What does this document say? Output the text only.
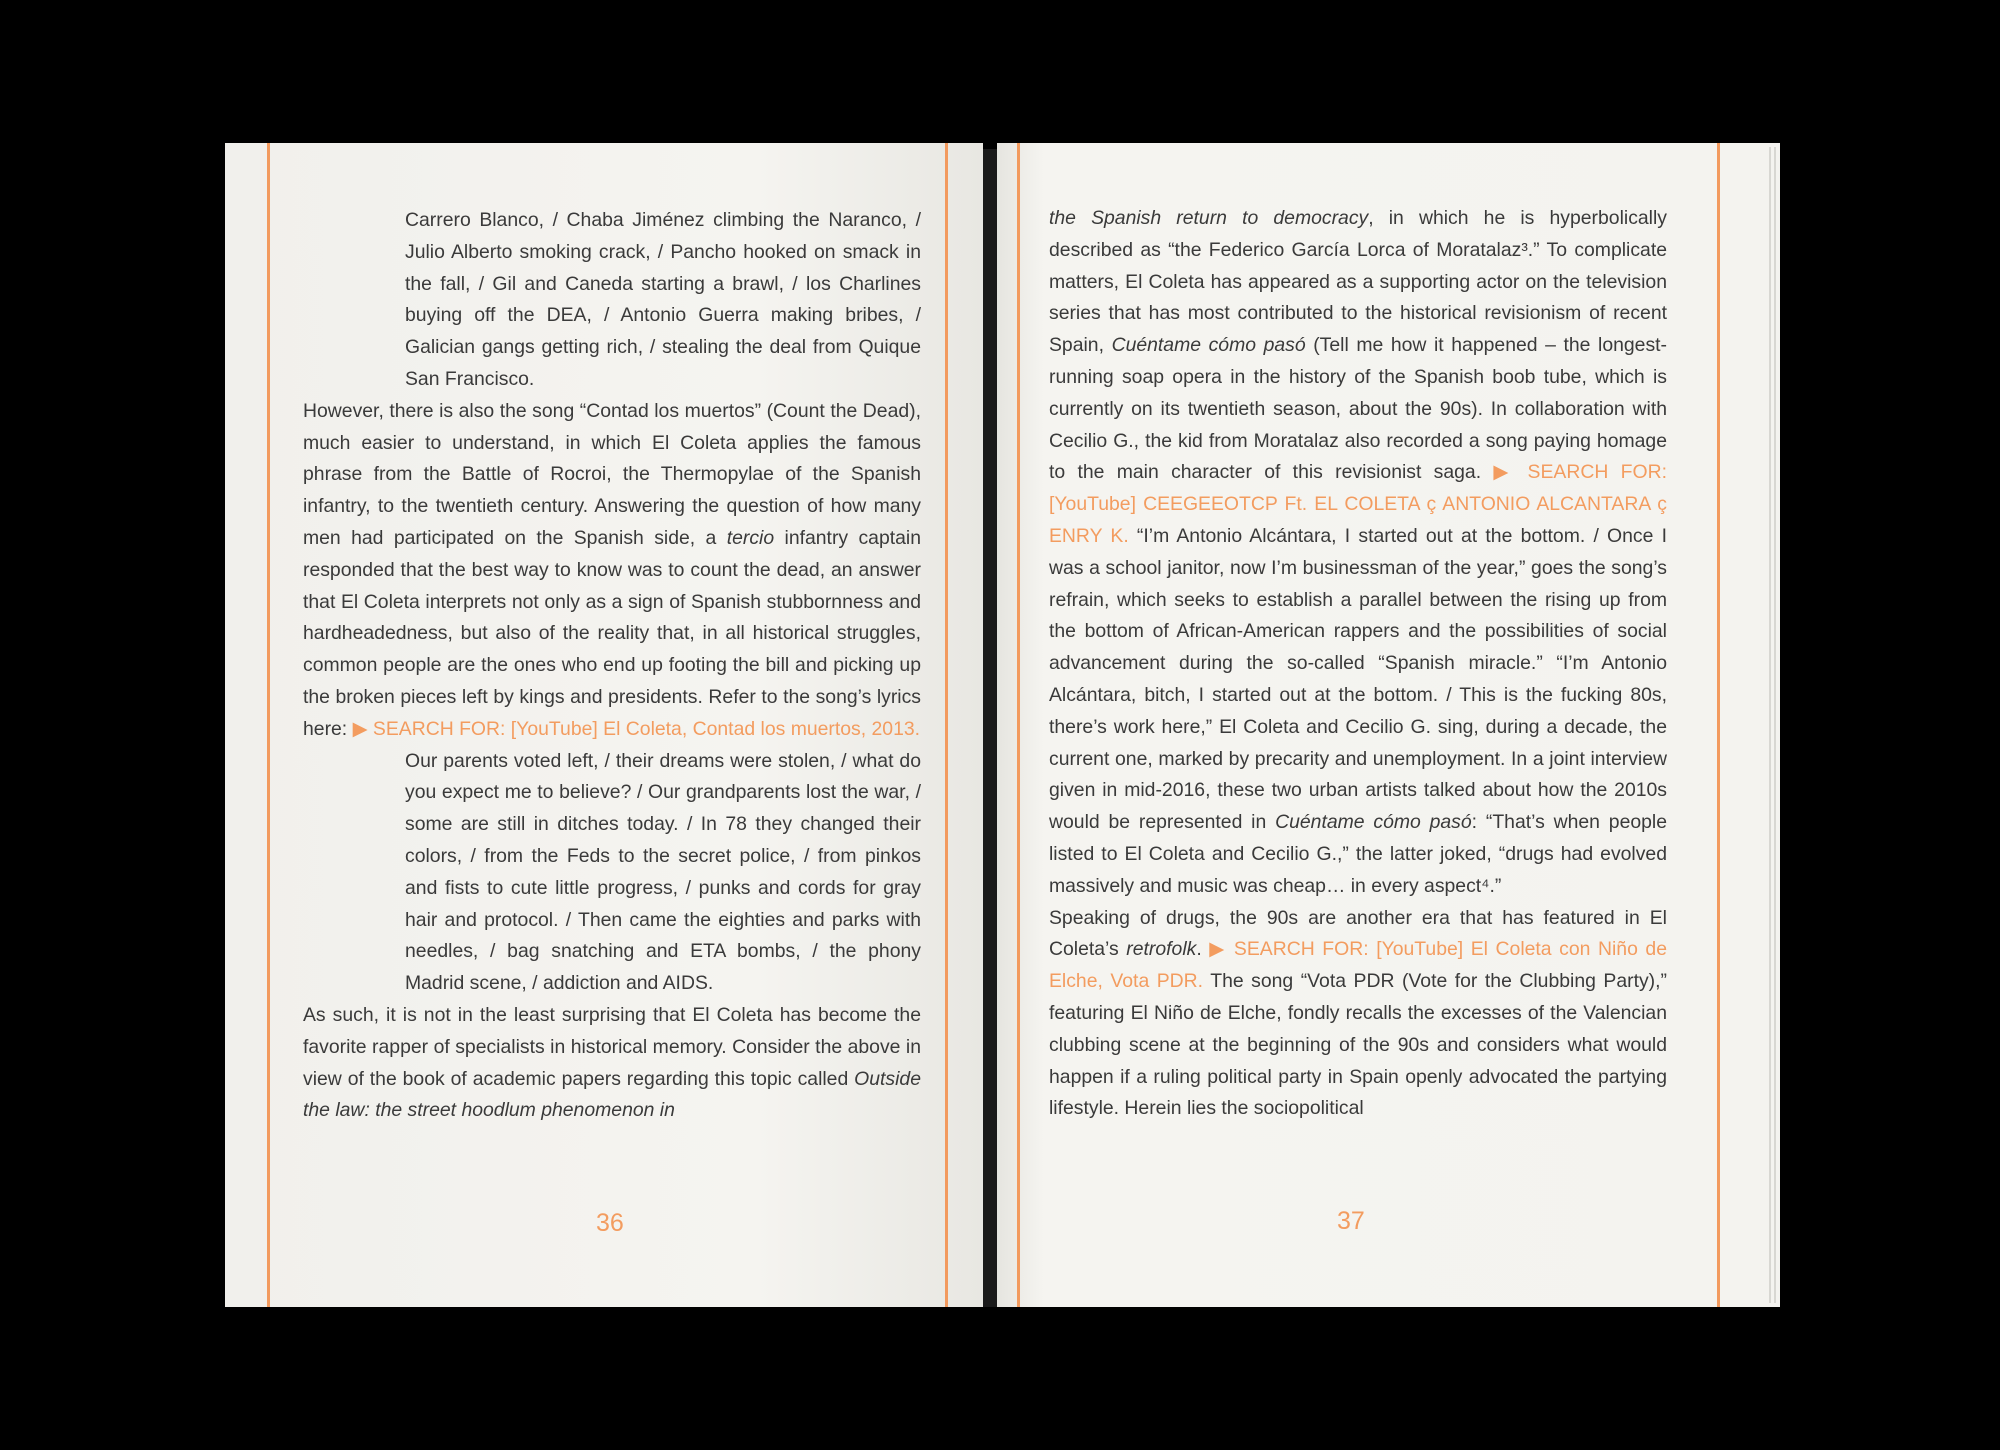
Carrero Blanco, / Chaba Jiménez climbing the Naranco, / Julio Alberto smoking crack, / Pancho hooked on smack in the fall, / Gil and Caneda starting a brawl, / los Charlines buying off the DEA, / Antonio Guerra making bribes, / Galician gangs getting rich, / stealing the deal from Quique San Francisco.

However, there is also the song “Contad los muertos” (Count the Dead), much easier to understand, in which El Coleta applies the famous phrase from the Battle of Rocroi, the Thermopylae of the Spanish infantry, to the twentieth century. Answering the question of how many men had participated on the Spanish side, a tercio infantry captain responded that the best way to know was to count the dead, an answer that El Coleta interprets not only as a sign of Spanish stubbornness and hardheadedness, but also of the reality that, in all historical struggles, common people are the ones who end up footing the bill and picking up the broken pieces left by kings and presidents. Refer to the song’s lyrics here: ▶ SEARCH FOR: [YouTube] El Coleta, Contad los muertos, 2013.

Our parents voted left, / their dreams were stolen, / what do you expect me to believe? / Our grandparents lost the war, / some are still in ditches today. / In 78 they changed their colors, / from the Feds to the secret police, / from pinkos and fists to cute little progress, / punks and cords for gray hair and protocol. / Then came the eighties and parks with needles, / bag snatching and ETA bombs, / the phony Madrid scene, / addiction and AIDS.

As such, it is not in the least surprising that El Coleta has become the favorite rapper of specialists in historical memory. Consider the above in view of the book of academic papers regarding this topic called Outside the law: the street hoodlum phenomenon in

36

the Spanish return to democracy, in which he is hyperbolically described as “the Federico García Lorca of Moratalaz³.” To complicate matters, El Coleta has appeared as a supporting actor on the television series that has most contributed to the historical revisionism of recent Spain, Cuéntame cómo pasó (Tell me how it happened – the longest-running soap opera in the history of the Spanish boob tube, which is currently on its twentieth season, about the 90s). In collaboration with Cecilio G., the kid from Moratalaz also recorded a song paying homage to the main character of this revisionist saga. ▶ SEARCH FOR: [YouTube] CEEGEEOTCP Ft. EL COLETA ç ANTONIO ALCANTARA ç ENRY K. “I’m Antonio Alcántara, I started out at the bottom. / Once I was a school janitor, now I’m businessman of the year,” goes the song’s refrain, which seeks to establish a parallel between the rising up from the bottom of African-American rappers and the possibilities of social advancement during the so-called “Spanish miracle.” “I’m Antonio Alcántara, bitch, I started out at the bottom. / This is the fucking 80s, there’s work here,” El Coleta and Cecilio G. sing, during a decade, the current one, marked by precarity and unemployment. In a joint interview given in mid-2016, these two urban artists talked about how the 2010s would be represented in Cuéntame cómo pasó: “That’s when people listed to El Coleta and Cecilio G.,” the latter joked, “drugs had evolved massively and music was cheap… in every aspect⁴.”

Speaking of drugs, the 90s are another era that has featured in El Coleta’s retrofolk. ▶ SEARCH FOR: [YouTube] El Coleta con Niño de Elche, Vota PDR. The song “Vota PDR (Vote for the Clubbing Party),” featuring El Niño de Elche, fondly recalls the excesses of the Valencian clubbing scene at the beginning of the 90s and considers what would happen if a ruling political party in Spain openly advocated the partying lifestyle. Herein lies the sociopolitical

37
